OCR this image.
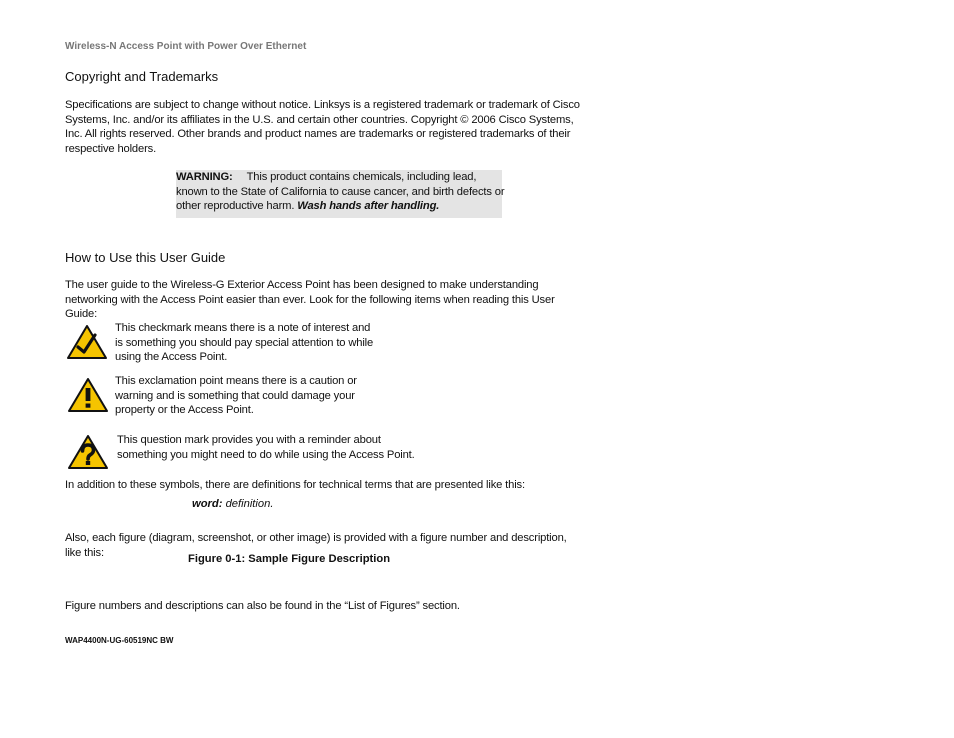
Wireless-N Access Point with Power Over Ethernet
Copyright and Trademarks
Specifications are subject to change without notice. Linksys is a registered trademark or trademark of Cisco Systems, Inc. and/or its affiliates in the U.S. and certain other countries. Copyright © 2006 Cisco Systems, Inc. All rights reserved. Other brands and product names are trademarks or registered trademarks of their respective holders.
WARNING: This product contains chemicals, including lead, known to the State of California to cause cancer, and birth defects or other reproductive harm. Wash hands after handling.
How to Use this User Guide
The user guide to the Wireless-G Exterior Access Point has been designed to make understanding networking with the Access Point easier than ever. Look for the following items when reading this User Guide:
This checkmark means there is a note of interest and is something you should pay special attention to while using the Access Point.
This exclamation point means there is a caution or warning and is something that could damage your property or the Access Point.
This question mark provides you with a reminder about something you might need to do while using the Access Point.
In addition to these symbols, there are definitions for technical terms that are presented like this:
word: definition.
Also, each figure (diagram, screenshot, or other image) is provided with a figure number and description, like this:
Figure 0-1: Sample Figure Description
Figure numbers and descriptions can also be found in the “List of Figures” section.
WAP4400N-UG-60519NC BW
